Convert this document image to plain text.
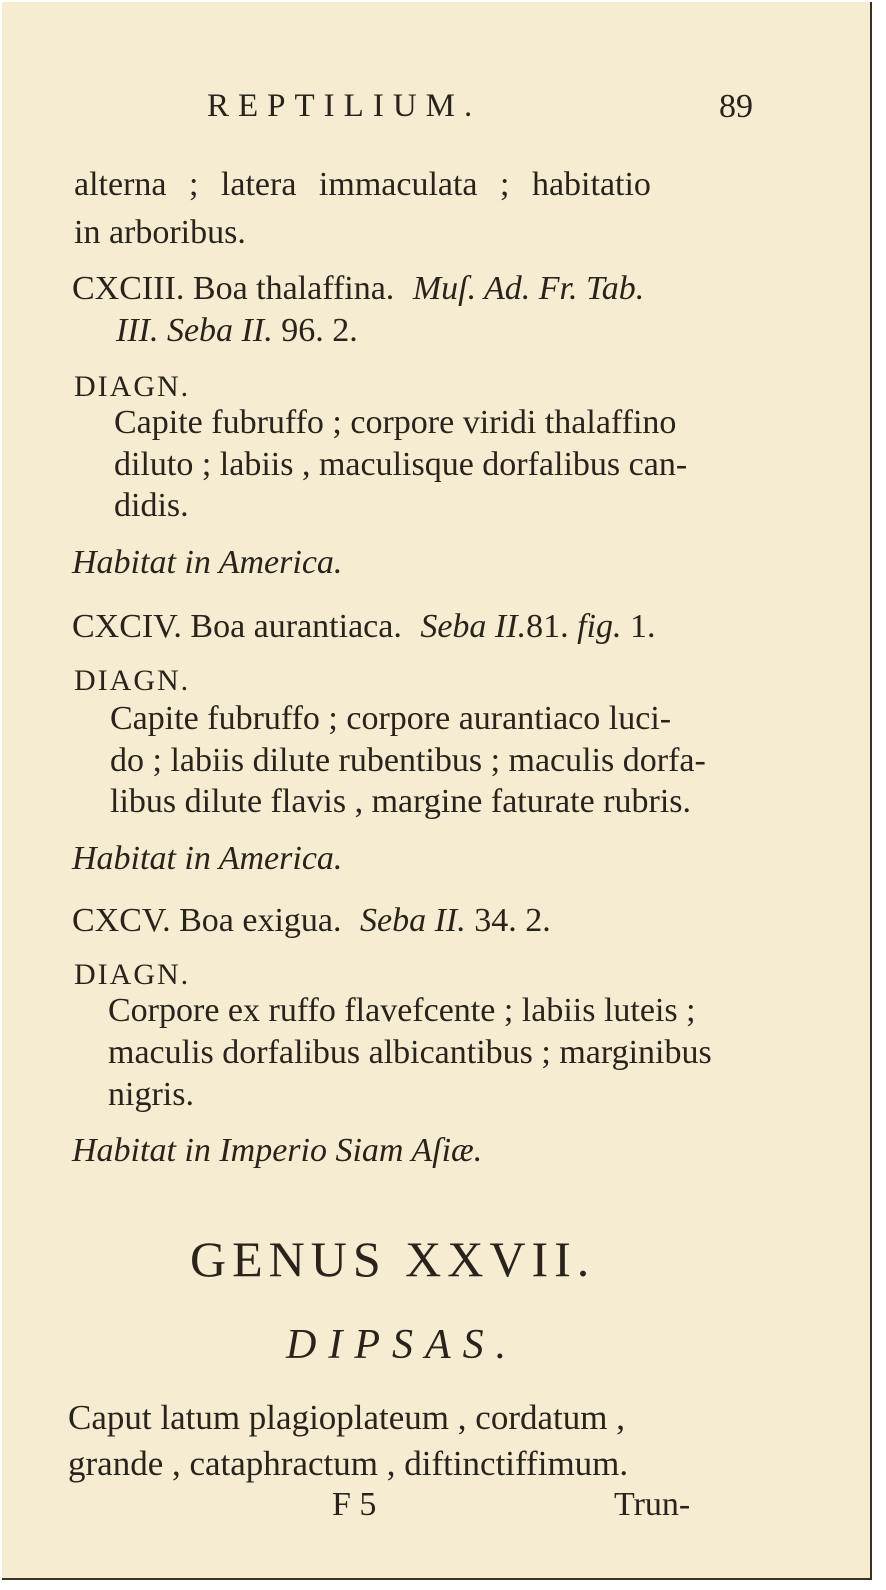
REPTILIUM.	89
alterna ; latera immaculata ; habitatio
in arboribus.
CXCIII. Boa thalaffina. Muſ. Ad. Fr. Tab.
III. Seba II. 96. 2.
DIAGN.
Capite fubruffo ; corpore viridi thalaffino
diluto ; labiis , maculisque dorfalibus can-
didis.
Habitat in America.
CXCIV. Boa aurantiaca. Seba II.81. fig. 1.
DIAGN.
Capite fubruffo ; corpore aurantiaco luci-
do ; labiis dilute rubentibus ; maculis dorfa-
libus dilute flavis , margine faturate rubris.
Habitat in America.
CXCV. Boa exigua. Seba II. 34. 2.
DIAGN.
Corpore ex ruffo flavefcente ; labiis luteis ;
maculis dorfalibus albicantibus ; marginibus
nigris.
Habitat in Imperio Siam Aſiæ.
GENUS XXVII.
DIPSAS.
Caput latum plagioplateum , cordatum ,
grande , cataphractum , diftinctiffimum.
F 5	Trun-
